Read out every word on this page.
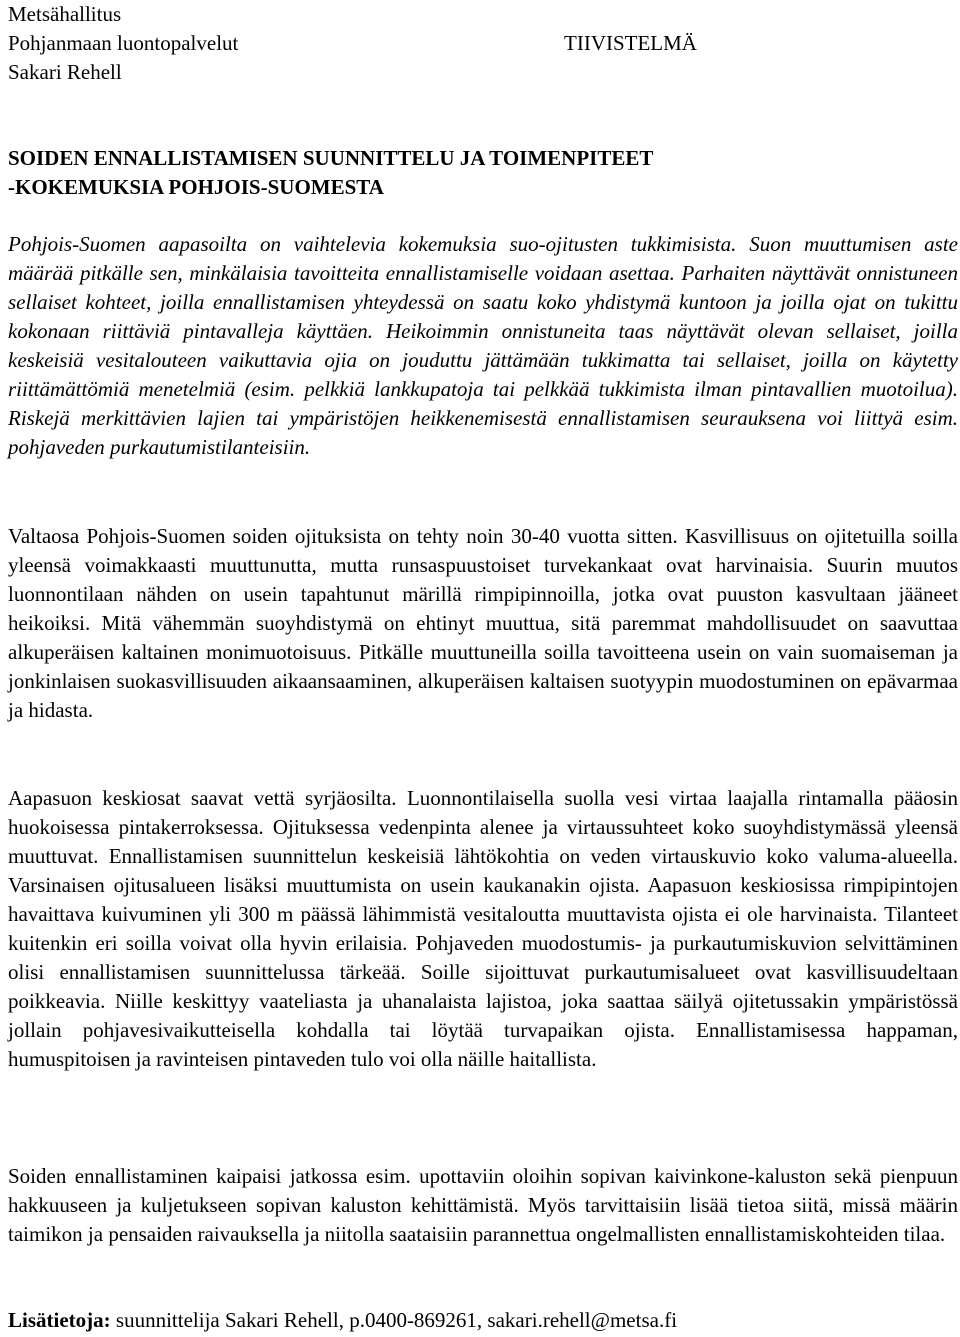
Metsähallitus
Pohjanmaan luontopalvelut
Sakari Rehell
TIIVISTELMÄ
SOIDEN ENNALLISTAMISEN SUUNNITTELU JA TOIMENPITEET
-KOKEMUKSIA POHJOIS-SUOMESTA

Pohjois-Suomen aapasoilta on vaihtelevia kokemuksia suo-ojitusten tukkimisista. Suon muuttumisen aste määrää pitkälle sen, minkälaisia tavoitteita ennallistamiselle voidaan asettaa. Parhaiten näyttävät onnistuneen sellaiset kohteet, joilla ennallistamisen yhteydessä on saatu koko yhdistymä kuntoon ja joilla ojat on tukittu kokonaan riittäviä pintavalleja käyttäen. Heikoimmin onnistuneita taas näyttävät olevan sellaiset, joilla keskeisiä vesitalouteen vaikuttavia ojia on jouduttu jättämään tukkimatta tai sellaiset, joilla on käytetty riittämättömiä menetelmiä (esim. pelkkiä lankkupatoja tai pelkkää tukkimista ilman pintavallien muotoilua). Riskejä merkittävien lajien tai ympäristöjen heikkenemisestä ennallistamisen seurauksena voi liittyä esim. pohjaveden purkautumistilanteisiin.

Valtaosa Pohjois-Suomen soiden ojituksista on tehty noin 30-40 vuotta sitten. Kasvillisuus on ojitetuilla soilla yleensä voimakkaasti muuttunutta, mutta runsaspuustoiset turvekankaat ovat harvinaisia. Suurin muutos luonnontilaan nähden on usein tapahtunut märillä rimpipinnoilla, jotka ovat puuston kasvultaan jääneet heikoiksi. Mitä vähemmän suoyhdistymä on ehtinyt muuttua, sitä paremmat mahdollisuudet on saavuttaa alkuperäisen kaltainen monimuotoisuus. Pitkälle muuttuneilla soilla tavoitteena usein on vain suomaiseman ja jonkinlaisen suokasvillisuuden aikaansaaminen, alkuperäisen kaltaisen suotyypin muodostuminen on epävarmaa ja hidasta.

Aapasuon keskiosat saavat vettä syrjäosilta. Luonnontilaisella suolla vesi virtaa laajalla rintamalla pääosin huokoisessa pintakerroksessa. Ojituksessa vedenpinta alenee ja virtaussuhteet koko suoyhdistymässä yleensä muuttuvat. Ennallistamisen suunnittelun keskeisiä lähtökohtia on veden virtauskuvio koko valuma-alueella. Varsinaisen ojitusalueen lisäksi muuttumista on usein kaukanakin ojista. Aapasuon keskiosissa rimpipintojen havaittava kuivuminen yli 300 m päässä lähimmistä vesitaloutta muuttavista ojista ei ole harvinaista. Tilanteet kuitenkin eri soilla voivat olla hyvin erilaisia. Pohjaveden muodostumis- ja purkautumiskuvion selvittäminen olisi ennallistamisen suunnittelussa tärkeää. Soille sijoittuvat purkautumisalueet ovat kasvillisuudeltaan poikkeavia. Niille keskittyy vaateliasta ja uhanalaista lajistoa, joka saattaa säilyä ojitetussakin ympäristössä jollain pohjavesivaikutteisella kohdalla tai löytää turvapaikan ojista. Ennallistamisessa happaman, humuspitoisen ja ravinteisen pintaveden tulo voi olla näille haitallista.

Soiden ennallistaminen kaipaisi jatkossa esim. upottaviin oloihin sopivan kaivinkone-kaluston sekä pienpuun hakkuuseen ja kuljetukseen sopivan kaluston kehittämistä. Myös tarvittaisiin lisää tietoa siitä, missä määrin taimikon ja pensaiden raivauksella ja niitolla saataisiin parannettua ongelmallisten ennallistamiskohteiden tilaa.

Lisätietoja: suunnittelija Sakari Rehell, p.0400-869261, sakari.rehell@metsa.fi
